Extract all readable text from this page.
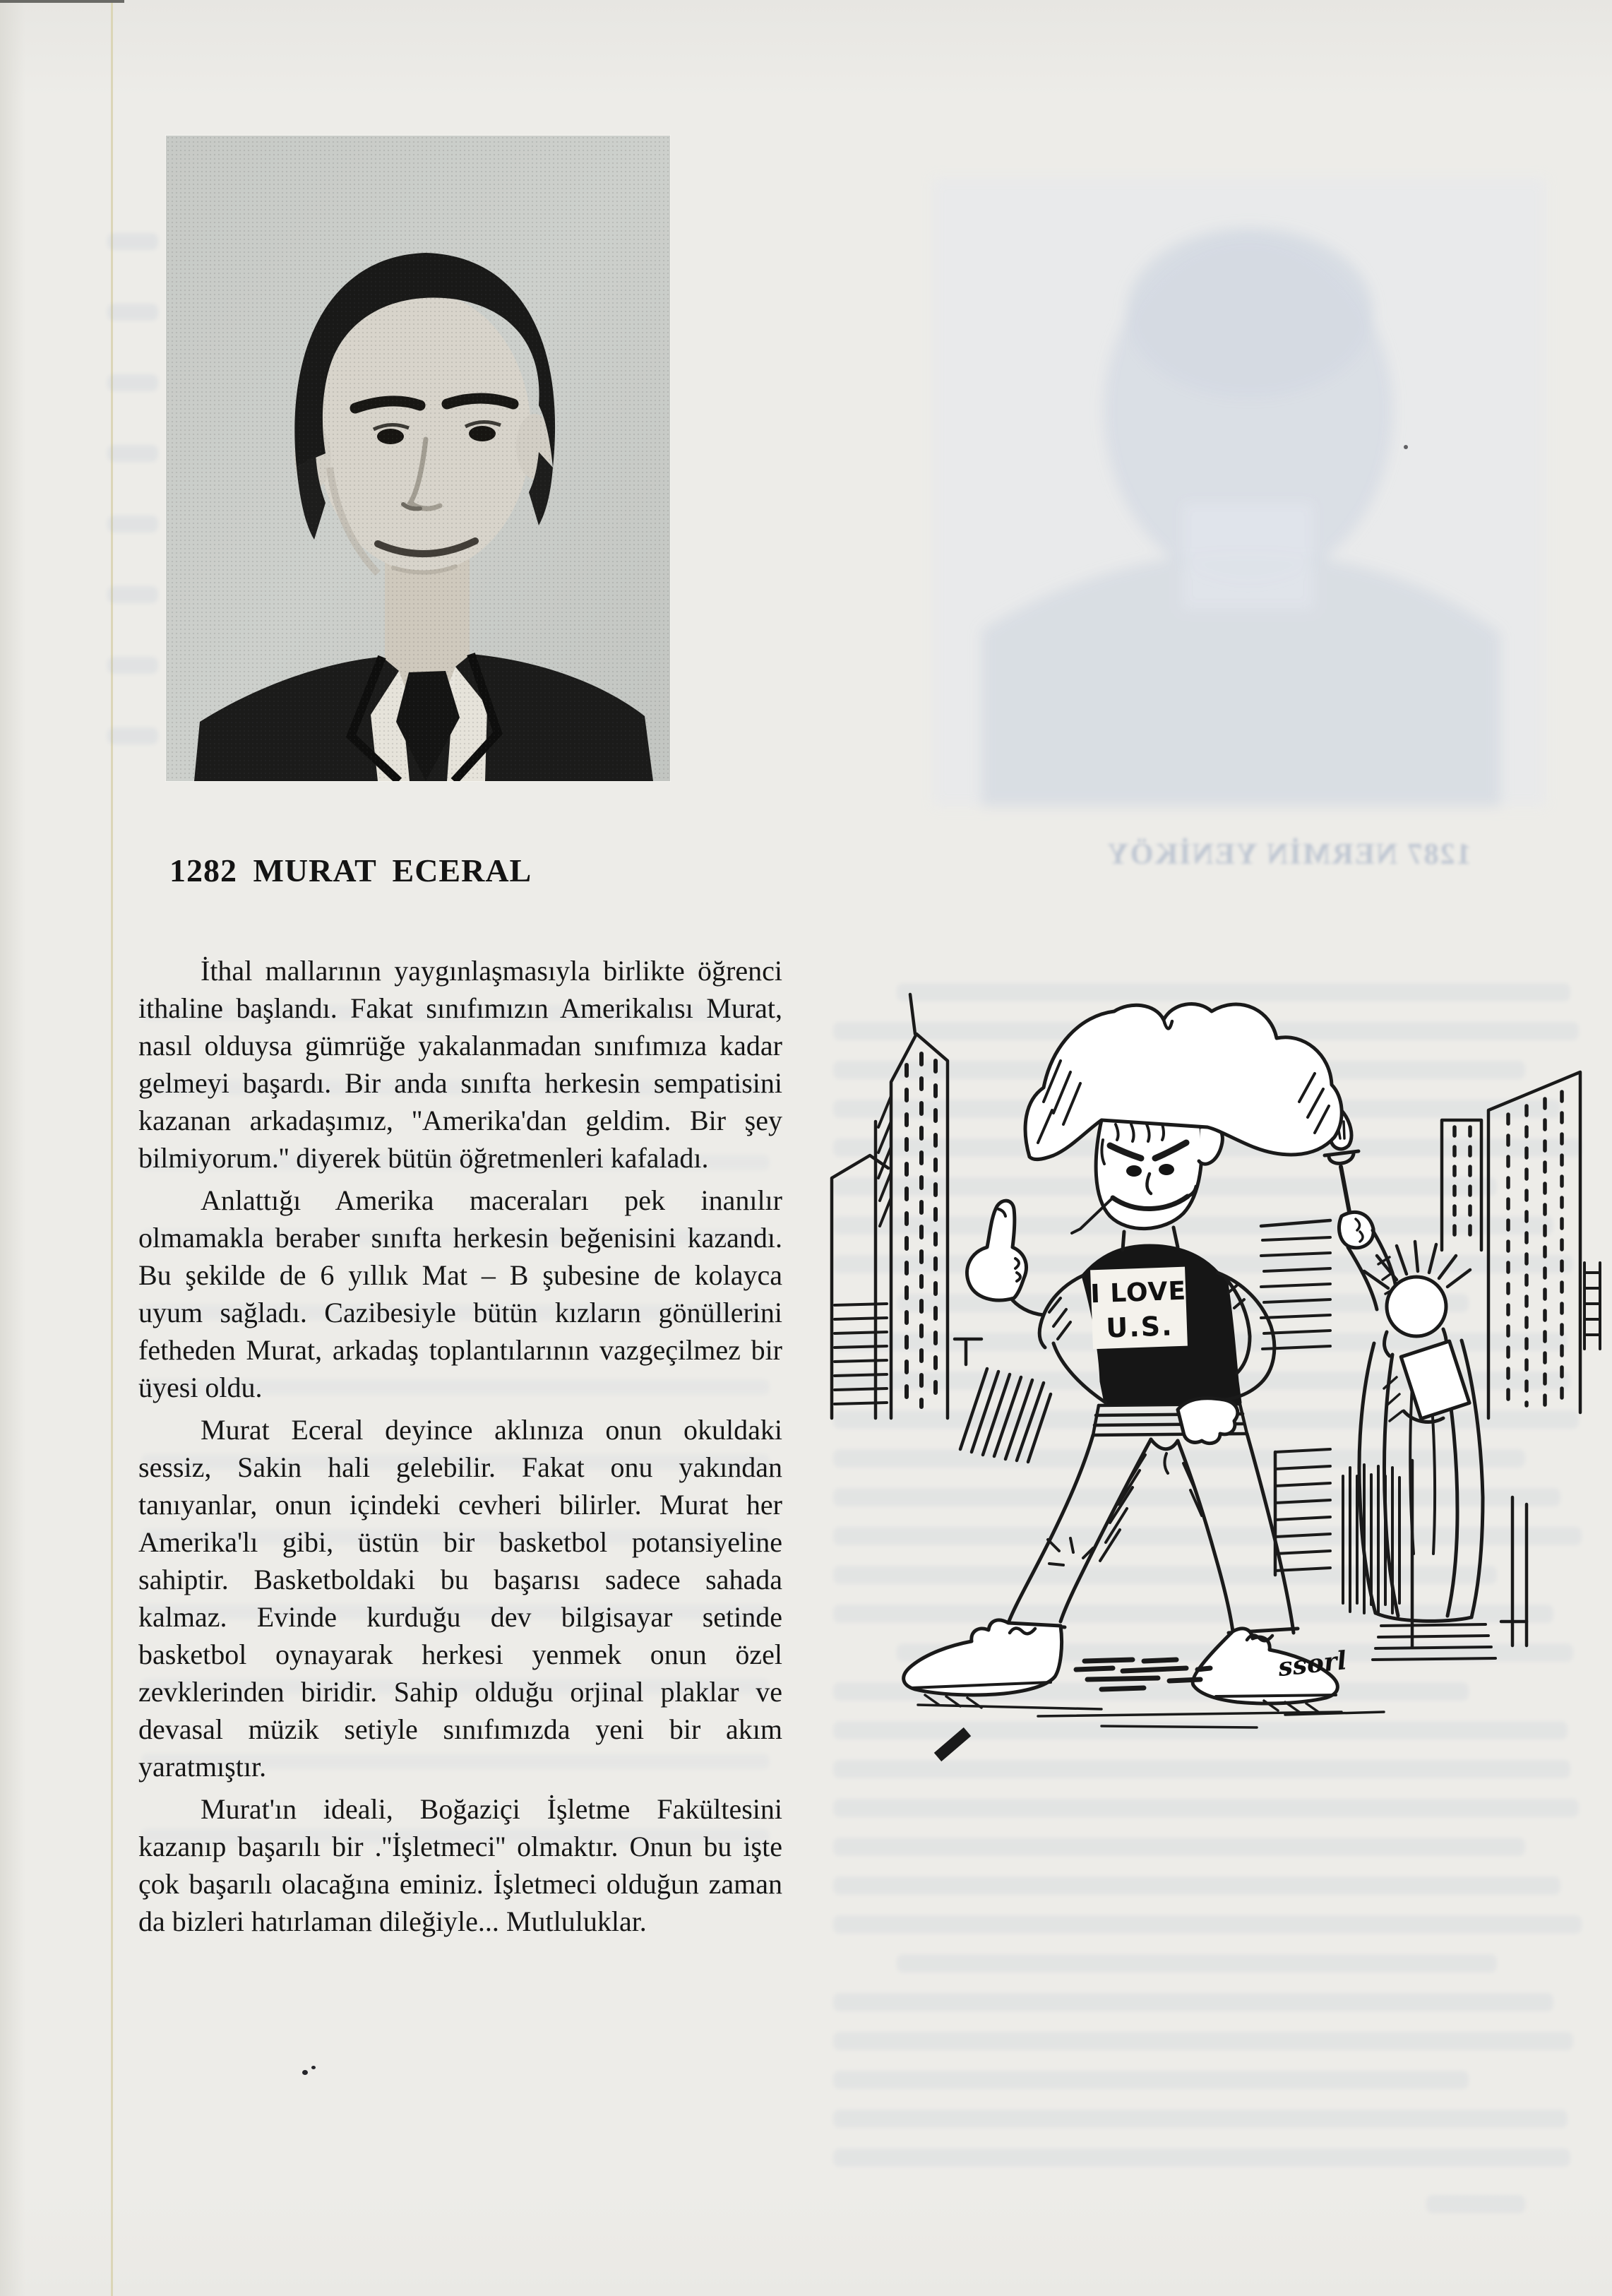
1287 NERMİN YENİKÖY
1282 MURAT ECERAL

İthal mallarının yaygınlaşmasıyla birlikte öğrenci ithaline başlandı. Fakat sınıfımızın Amerikalısı Murat, nasıl olduysa gümrüğe yakalanmadan sınıfımıza kadar gelmeyi başardı. Bir anda sınıfta herkesin sempatisini kazanan arkadaşımız, ''Amerika'dan geldim. Bir şey bilmiyorum.'' diyerek bütün öğretmenleri kafaladı.

Anlattığı Amerika maceraları pek inanılır olmamakla beraber sınıfta herkesin beğenisini kazandı. Bu şekilde de 6 yıllık Mat – B şubesine de kolayca uyum sağladı. Cazibesiyle bütün kızların gönüllerini fetheden Murat, arkadaş toplantılarının vazgeçilmez bir üyesi oldu.

Murat Eceral deyince aklınıza onun okuldaki sessiz, Sakin hali gelebilir. Fakat onu yakından tanıyanlar, onun içindeki cevheri bilirler. Murat her Amerika'lı gibi, üstün bir basketbol potansiyeline sahiptir. Basketboldaki bu başarısı sadece sahada kalmaz. Evinde kurduğu dev bilgisayar setinde basketbol oynayarak herkesi yenmek onun özel zevklerinden biridir. Sahip olduğu orjinal plaklar ve devasal müzik setiyle sınıfımızda yeni bir akım yaratmıştır.

Murat'ın ideali, Boğaziçi İşletme Fakültesini kazanıp başarılı bir .''İşletmeci'' olmaktır. Onun bu işte çok başarılı olacağına eminiz. İşletmeci olduğun zaman da bizleri hatırlaman dileğiyle... Mutluluklar.

I LOVE
U.S.
ssorl
